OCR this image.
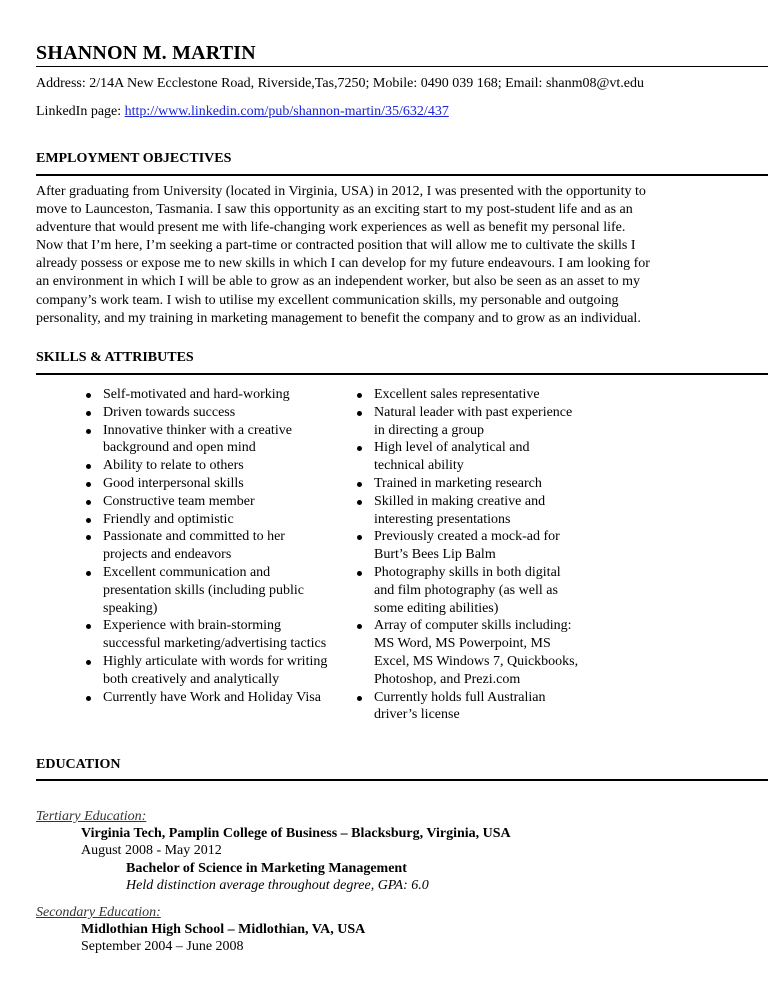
SHANNON M. MARTIN
Address: 2/14A New Ecclestone Road, Riverside,Tas,7250; Mobile: 0490 039 168; Email: shanm08@vt.edu
LinkedIn page: http://www.linkedin.com/pub/shannon-martin/35/632/437
EMPLOYMENT OBJECTIVES
After graduating from University (located in Virginia, USA) in 2012, I was presented with the opportunity to
move to Launceston, Tasmania. I saw this opportunity as an exciting start to my post-student life and as an
adventure that would present me with life-changing work experiences as well as benefit my personal life.
Now that I’m here, I’m seeking a part-time or contracted position that will allow me to cultivate the skills I
already possess or expose me to new skills in which I can develop for my future endeavours. I am looking for
an environment in which I will be able to grow as an independent worker, but also be seen as an asset to my
company’s work team. I wish to utilise my excellent communication skills, my personable and outgoing
personality, and my training in marketing management to benefit the company and to grow as an individual.
SKILLS & ATTRIBUTES
Self-motivated and hard-working
Driven towards success
Innovative thinker with a creative
background and open mind
Ability to relate to others
Good interpersonal skills
Constructive team member
Friendly and optimistic
Passionate and committed to her
projects and endeavors
Excellent communication and
presentation skills (including public
speaking)
Experience with brain-storming
successful marketing/advertising tactics
Highly articulate with words for writing
both creatively and analytically
Currently have Work and Holiday Visa
Excellent sales representative
Natural leader with past experience
in directing a group
High level of analytical and
technical ability
Trained in marketing research
Skilled in making creative and
interesting presentations
Previously created a mock-ad for
Burt’s Bees Lip Balm
Photography skills in both digital
and film photography (as well as
some editing abilities)
Array of computer skills including:
MS Word, MS Powerpoint, MS
Excel, MS Windows 7, Quickbooks,
Photoshop, and Prezi.com
Currently holds full Australian
driver’s license
EDUCATION
Tertiary Education:
Virginia Tech, Pamplin College of Business – Blacksburg, Virginia, USA
August 2008 - May 2012
Bachelor of Science in Marketing Management
Held distinction average throughout degree, GPA: 6.0
Secondary Education:
Midlothian High School – Midlothian, VA, USA
September 2004 – June 2008
